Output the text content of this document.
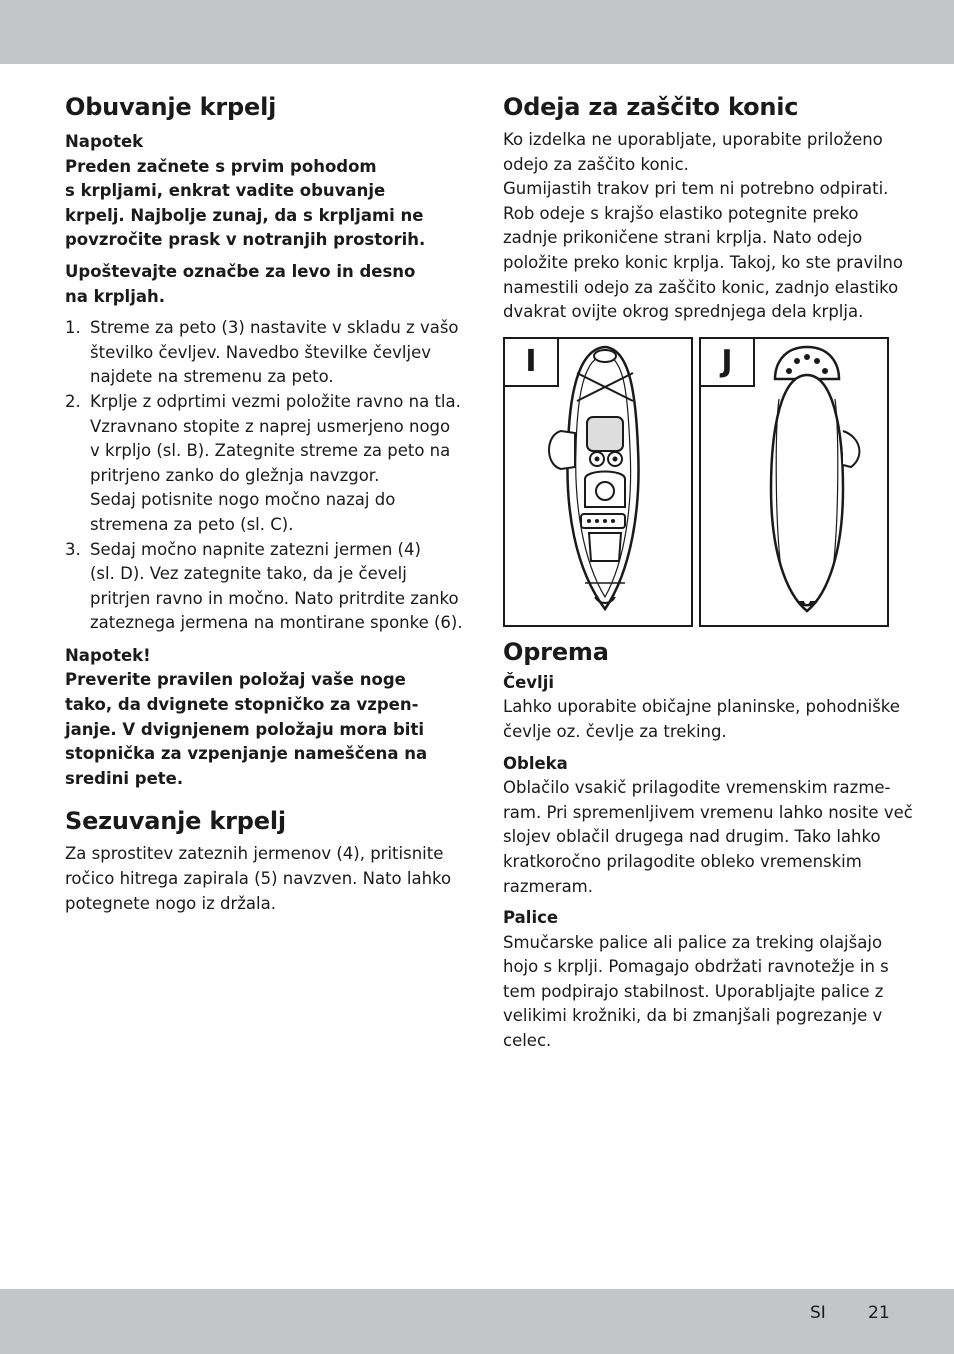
Obuvanje krpelj

Napotek

Preden začnete s prvim pohodom
s krpljami, enkrat vadite obuvanje
krpelj. Najbolje zunaj, da s krpljami ne
povzročite prask v notranjih prostorih.

Upoštevajte označbe za levo in desno
na krpljah.

1. Streme za peto (3) nastavite v skladu z vašo
številko čevljev. Navedbo številke čevljev
najdete na stremenu za peto.
2. Krplje z odprtimi vezmi položite ravno na tla.
Vzravnano stopite z naprej usmerjeno nogo
v krpljo (sl. B). Zategnite streme za peto na
pritrjeno zanko do gležnja navzgor.
Sedaj potisnite nogo močno nazaj do
stremena za peto (sl. C).
3. Sedaj močno napnite zatezni jermen (4)
(sl. D). Vez zategnite tako, da je čevelj
pritrjen ravno in močno. Nato pritrdite zanko
zateznega jermena na montirane sponke (6).

Napotek!

Preverite pravilen položaj vaše noge
tako, da dvignete stopničko za vzpen-
janje. V dvignjenem položaju mora biti
stopnička za vzpenjanje nameščena na
sredini pete.

Sezuvanje krpelj

Za sprostitev zateznih jermenov (4), pritisnite
ročico hitrega zapirala (5) navzven. Nato lahko
potegnete nogo iz držala.

Odeja za zaščito konic

Ko izdelka ne uporabljate, uporabite priloženo
odejo za zaščito konic.
Gumijastih trakov pri tem ni potrebno odpirati.
Rob odeje s krajšo elastiko potegnite preko
zadnje prikoničene strani krplja. Nato odejo
položite preko konic krplja. Takoj, ko ste pravilno
namestili odejo za zaščito konic, zadnjo elastiko
dvakrat ovijte okrog sprednjega dela krplja.

I	J
Oprema

Čevlji

Lahko uporabite običajne planinske, pohodniške
čevlje oz. čevlje za treking.

Obleka

Oblačilo vsakič prilagodite vremenskim razme-
ram. Pri spremenljivem vremenu lahko nosite več
slojev oblačil drugega nad drugim. Tako lahko
kratkoročno prilagodite obleko vremenskim
razmeram.

Palice

Smučarske palice ali palice za treking olajšajo
hojo s krplji. Pomagajo obdržati ravnotežje in s
tem podpirajo stabilnost. Uporabljajte palice z
velikimi krožniki, da bi zmanjšali pogrezanje v
celec.

SI 21
